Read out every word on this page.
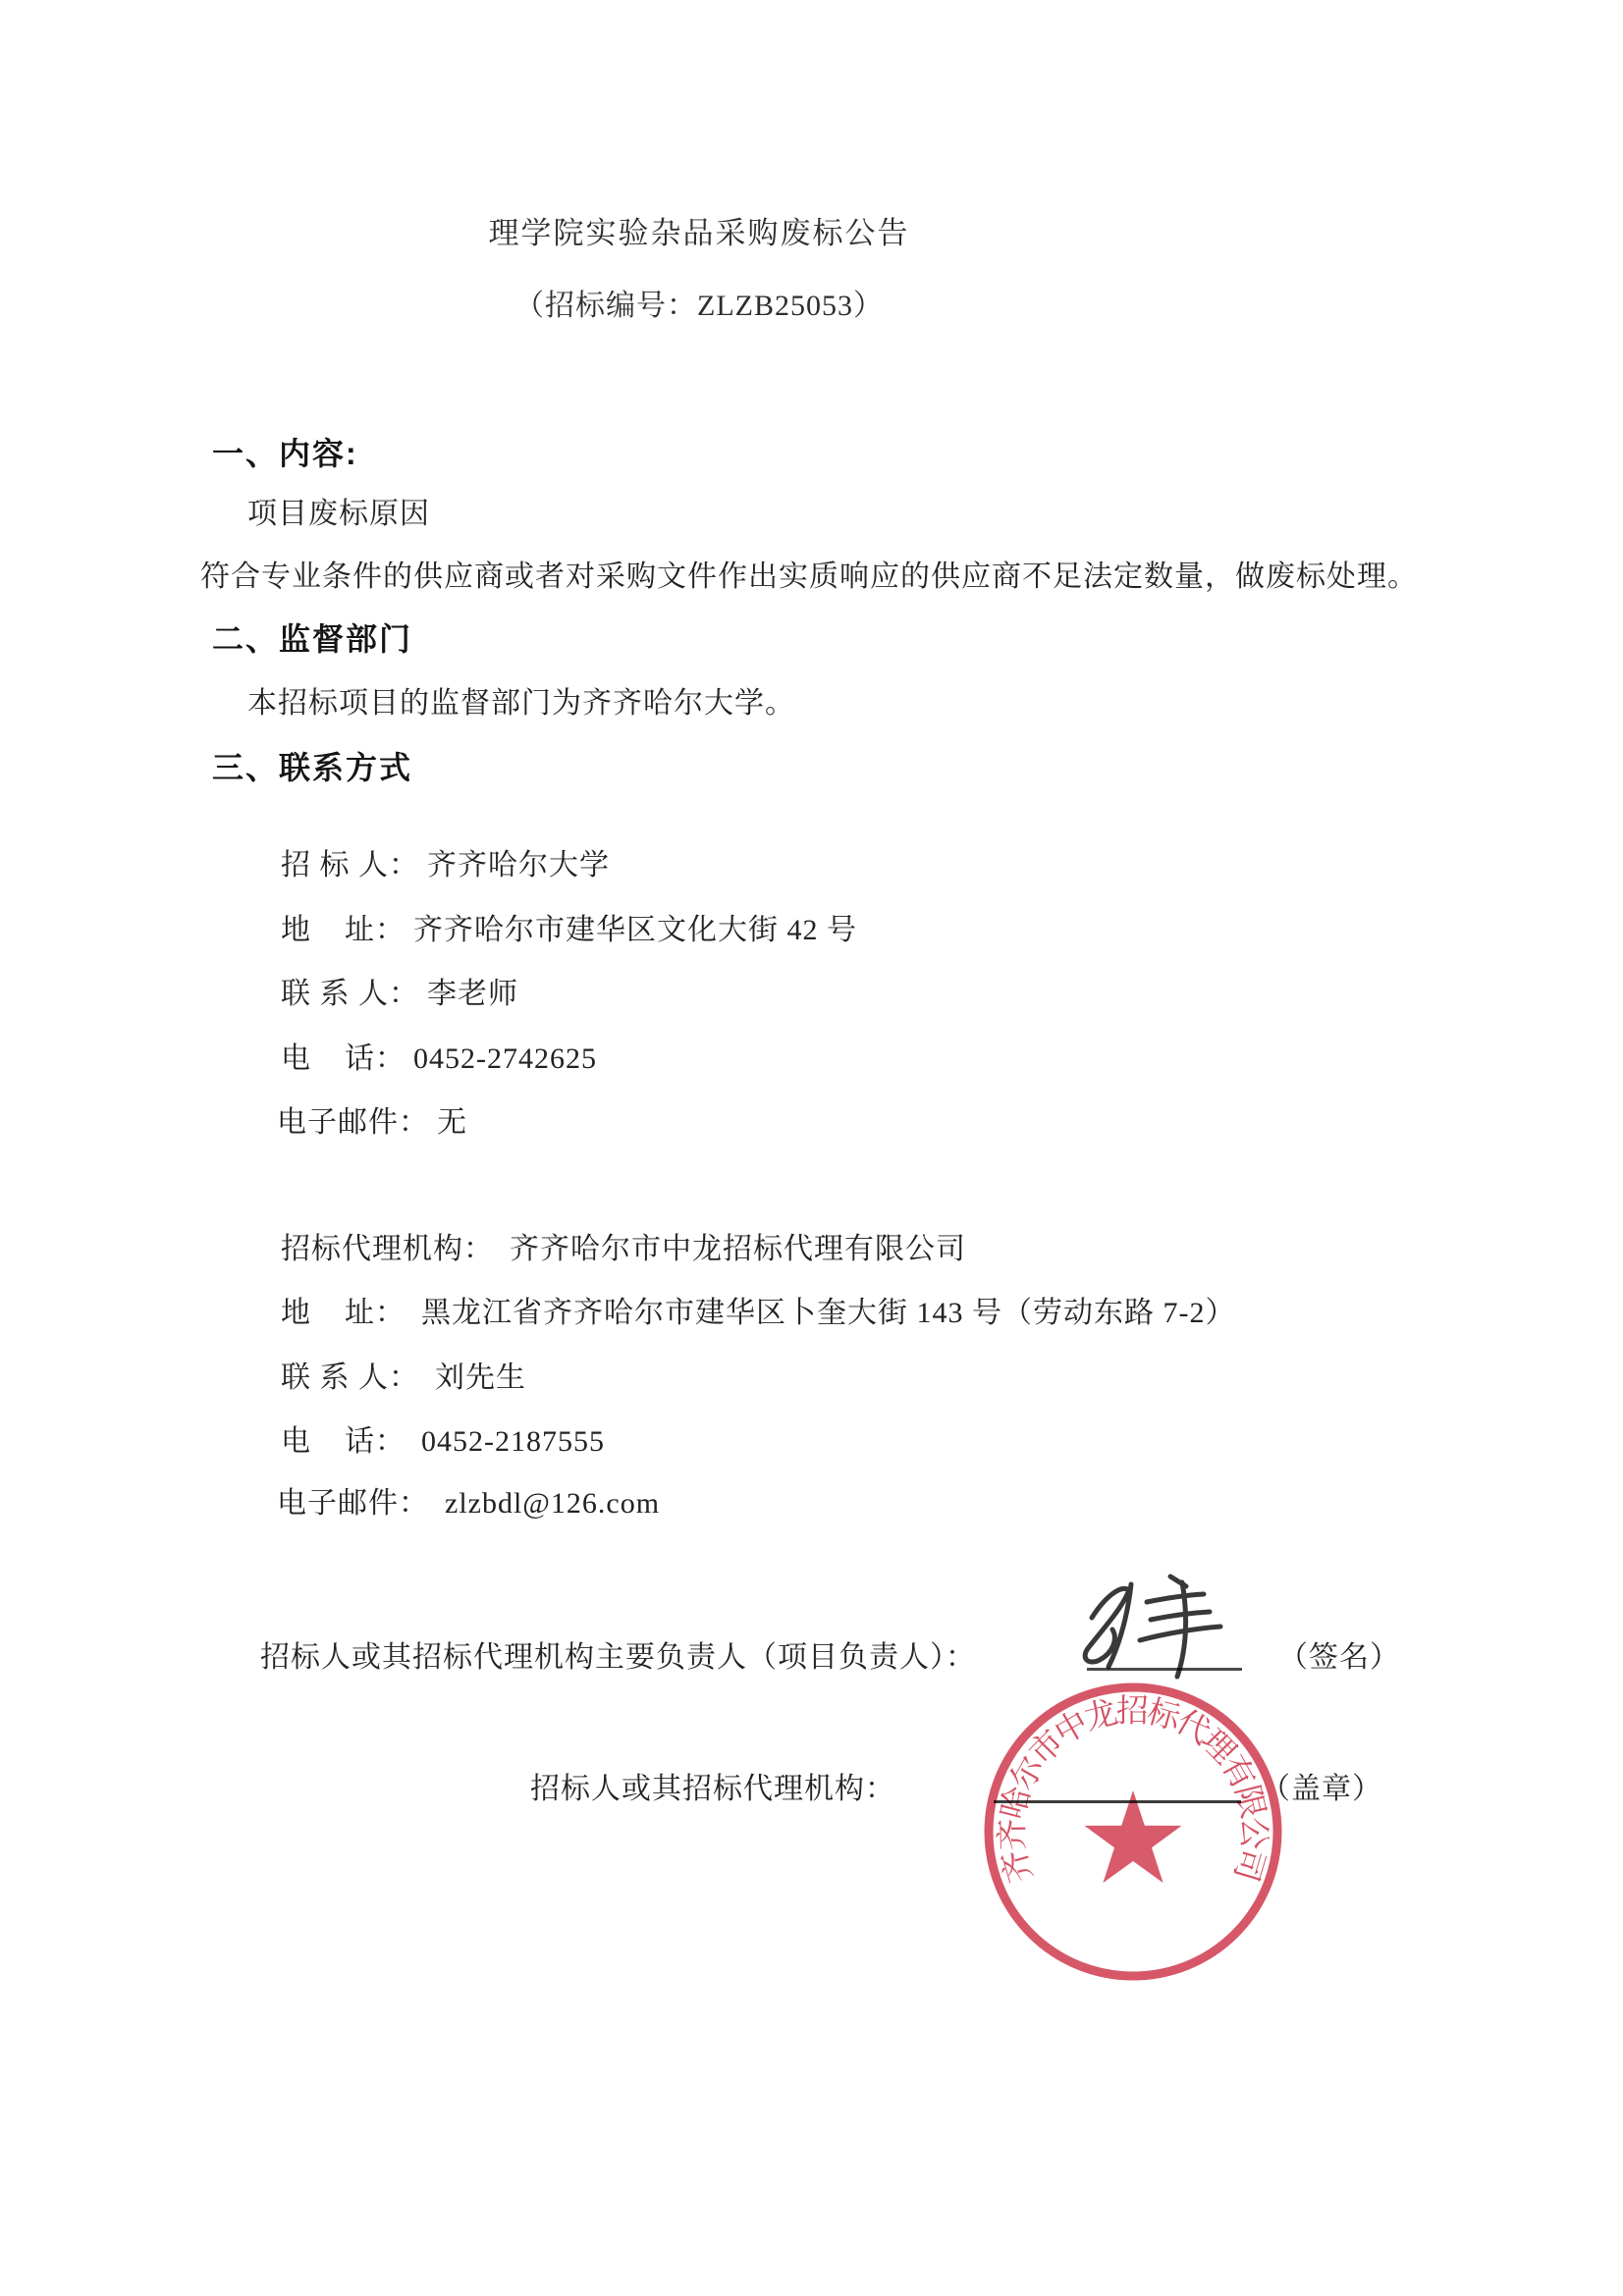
理学院实验杂品采购废标公告
（招标编号：ZLZB25053）
一、内容:
项目废标原因
符合专业条件的供应商或者对采购文件作出实质响应的供应商不足法定数量，做废标处理。
二、监督部门
本招标项目的监督部门为齐齐哈尔大学。
三、联系方式

招 标 人： 齐齐哈尔大学

地    址： 齐齐哈尔市建华区文化大街 42 号

联 系 人： 李老师

电    话： 0452-2742625

电子邮件： 无

招标代理机构： 齐齐哈尔市中龙招标代理有限公司

地    址： 黑龙江省齐齐哈尔市建华区卜奎大街 143 号（劳动东路 7-2）

联 系 人： 刘先生

电    话： 0452-2187555

电子邮件： zlzbdl@126.com

招标人或其招标代理机构主要负责人（项目负责人）：	（签名）
招标人或其招标代理机构：	（盖章）
齐齐哈尔市中龙招标代理有限公司
